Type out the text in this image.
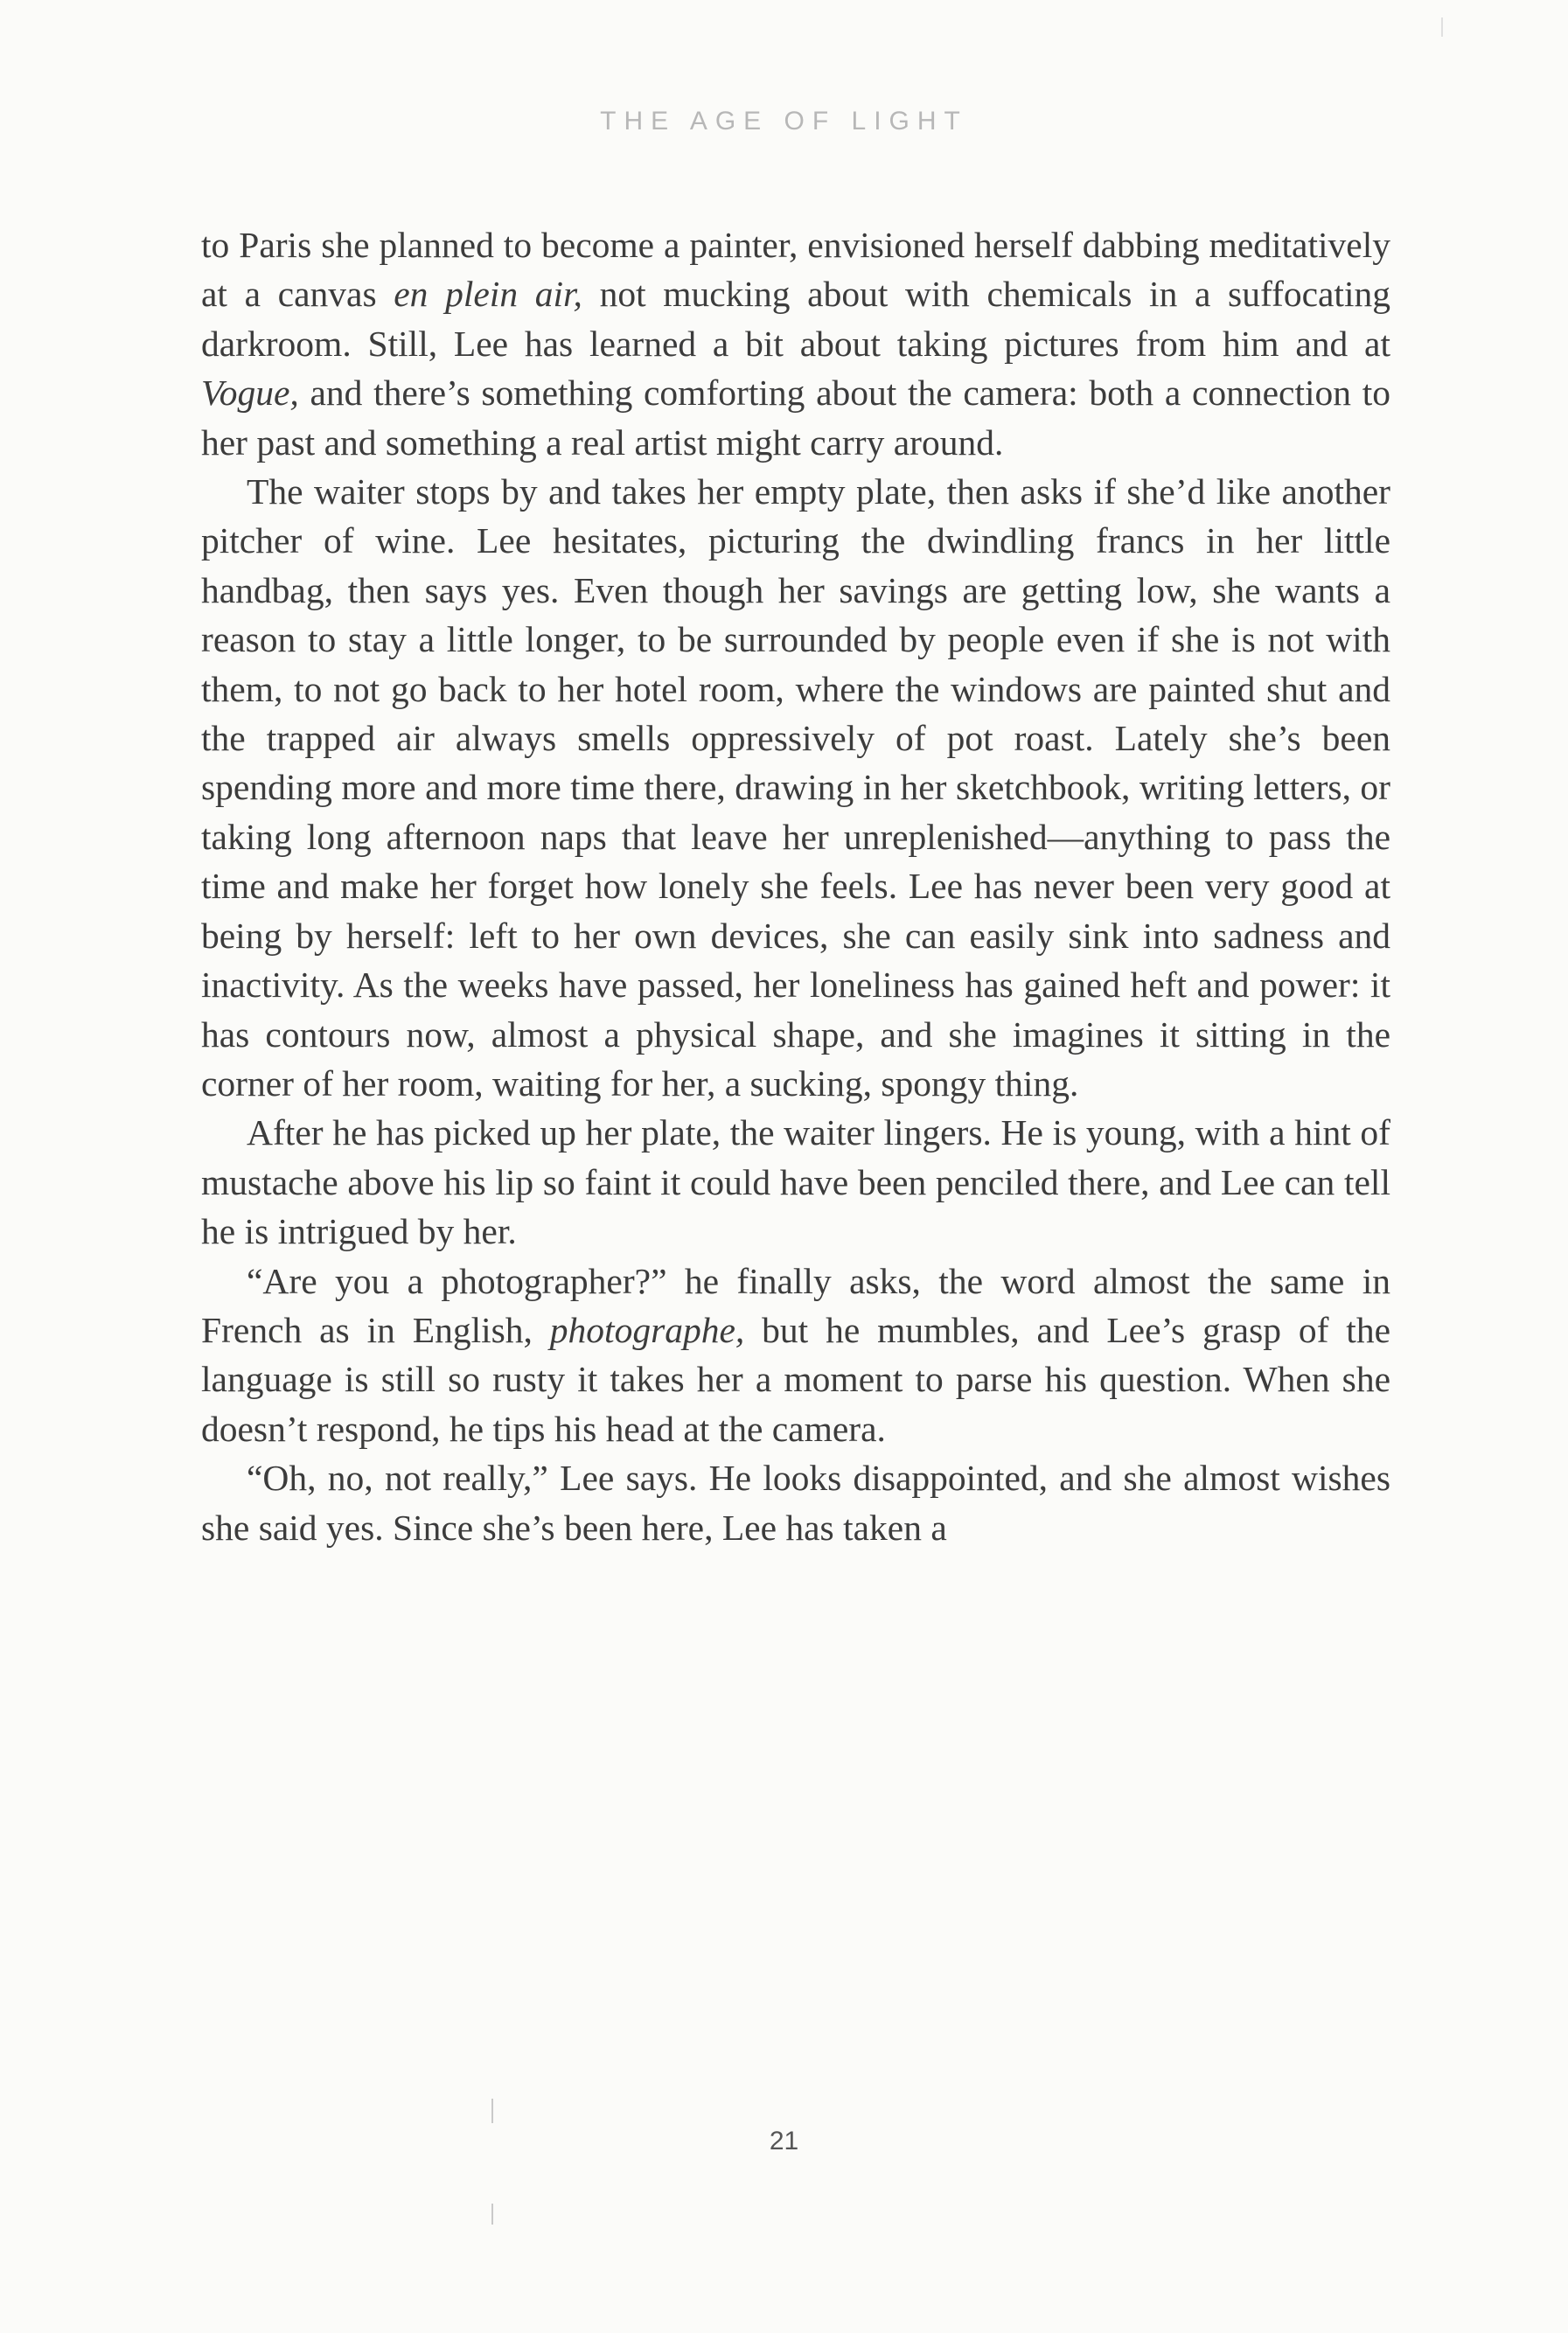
THE AGE OF LIGHT

to Paris she planned to become a painter, envisioned herself dabbing meditatively at a canvas en plein air, not mucking about with chemicals in a suffocating darkroom. Still, Lee has learned a bit about taking pictures from him and at Vogue, and there’s something comforting about the camera: both a connection to her past and something a real artist might carry around.

The waiter stops by and takes her empty plate, then asks if she’d like another pitcher of wine. Lee hesitates, picturing the dwindling francs in her little handbag, then says yes. Even though her savings are getting low, she wants a reason to stay a little longer, to be surrounded by people even if she is not with them, to not go back to her hotel room, where the windows are painted shut and the trapped air always smells oppressively of pot roast. Lately she’s been spending more and more time there, drawing in her sketchbook, writing letters, or taking long afternoon naps that leave her unreplenished—anything to pass the time and make her forget how lonely she feels. Lee has never been very good at being by herself: left to her own devices, she can easily sink into sadness and inactivity. As the weeks have passed, her loneliness has gained heft and power: it has contours now, almost a physical shape, and she imagines it sitting in the corner of her room, waiting for her, a sucking, spongy thing.

After he has picked up her plate, the waiter lingers. He is young, with a hint of mustache above his lip so faint it could have been penciled there, and Lee can tell he is intrigued by her.

“Are you a photographer?” he finally asks, the word almost the same in French as in English, photographe, but he mumbles, and Lee’s grasp of the language is still so rusty it takes her a moment to parse his question. When she doesn’t respond, he tips his head at the camera.

“Oh, no, not really,” Lee says. He looks disappointed, and she almost wishes she said yes. Since she’s been here, Lee has taken a

21
